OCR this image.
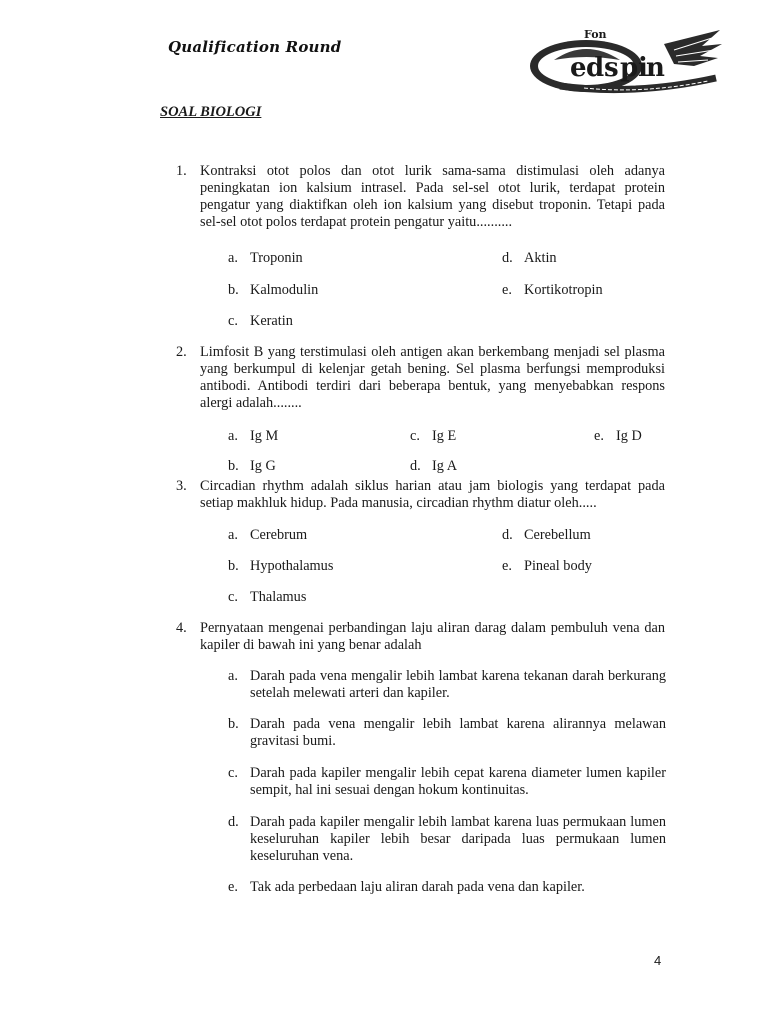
Qualification Round
e d s p i
n
Fon
SOAL BIOLOGI
1. Kontraksi otot polos dan otot lurik sama-sama distimulasi oleh adanya peningkatan ion kalsium intrasel. Pada sel-sel otot lurik, terdapat protein pengatur yang diaktifkan oleh ion kalsium yang disebut troponin. Tetapi pada sel-sel otot polos terdapat protein pengatur yaitu..........
a. Troponin
b. Kalmodulin
c. Keratin
d. Aktin
e. Kortikotropin
2. Limfosit B yang terstimulasi oleh antigen akan berkembang menjadi sel plasma yang berkumpul di kelenjar getah bening. Sel plasma berfungsi memproduksi antibodi. Antibodi terdiri dari beberapa bentuk, yang menyebabkan respons alergi adalah........
a. Ig M
b. Ig G
c. Ig E
d. Ig A
e. Ig D
3. Circadian rhythm adalah siklus harian atau jam biologis yang terdapat pada setiap makhluk hidup. Pada manusia, circadian rhythm diatur oleh.....
a. Cerebrum
b. Hypothalamus
c. Thalamus
d. Cerebellum
e. Pineal body
4. Pernyataan mengenai perbandingan laju aliran darag dalam pembuluh vena dan kapiler di bawah ini yang benar adalah
a. Darah pada vena mengalir lebih lambat karena tekanan darah berkurang setelah melewati arteri dan kapiler.
b. Darah pada vena mengalir lebih lambat karena alirannya melawan gravitasi bumi.
c. Darah pada kapiler mengalir lebih cepat karena diameter lumen kapiler sempit, hal ini sesuai dengan hokum kontinuitas.
d. Darah pada kapiler mengalir lebih lambat karena luas permukaan lumen keseluruhan kapiler lebih besar daripada luas permukaan lumen keseluruhan vena.
e. Tak ada perbedaan laju aliran darah pada vena dan kapiler.
4
